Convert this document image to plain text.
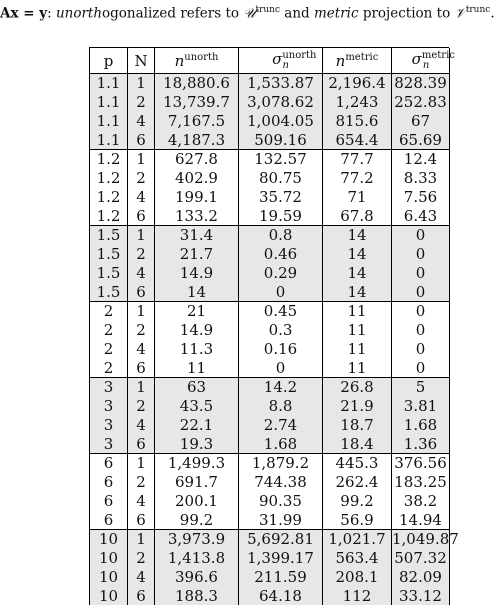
Ax = y: unorthogonalized refers to 𝒰$^{trunc}$ and metric projection to 𝒱$^{trunc}$.
p	N	$n^{unorth}$	$\sigma^{unorth}_n$	$n^{metric}$	$\sigma^{metric}_n$
1.1	1	18,880.6	1,533.87	2,196.4	828.39
1.1	2	13,739.7	3,078.62	1,243	252.83
1.1	4	7,167.5	1,004.05	815.6	67
1.1	6	4,187.3	509.16	654.4	65.69
1.2	1	627.8	132.57	77.7	12.4
1.2	2	402.9	80.75	77.2	8.33
1.2	4	199.1	35.72	71	7.56
1.2	6	133.2	19.59	67.8	6.43
1.5	1	31.4	0.8	14	0
1.5	2	21.7	0.46	14	0
1.5	4	14.9	0.29	14	0
1.5	6	14	0	14	0
2	1	21	0.45	11	0
2	2	14.9	0.3	11	0
2	4	11.3	0.16	11	0
2	6	11	0	11	0
3	1	63	14.2	26.8	5
3	2	43.5	8.8	21.9	3.81
3	4	22.1	2.74	18.7	1.68
3	6	19.3	1.68	18.4	1.36
6	1	1,499.3	1,879.2	445.3	376.56
6	2	691.7	744.38	262.4	183.25
6	4	200.1	90.35	99.2	38.2
6	6	99.2	31.99	56.9	14.94
10	1	3,973.9	5,692.81	1,021.7	1,049.87
10	2	1,413.8	1,399.17	563.4	507.32
10	4	396.6	211.59	208.1	82.09
10	6	188.3	64.18	112	33.12
